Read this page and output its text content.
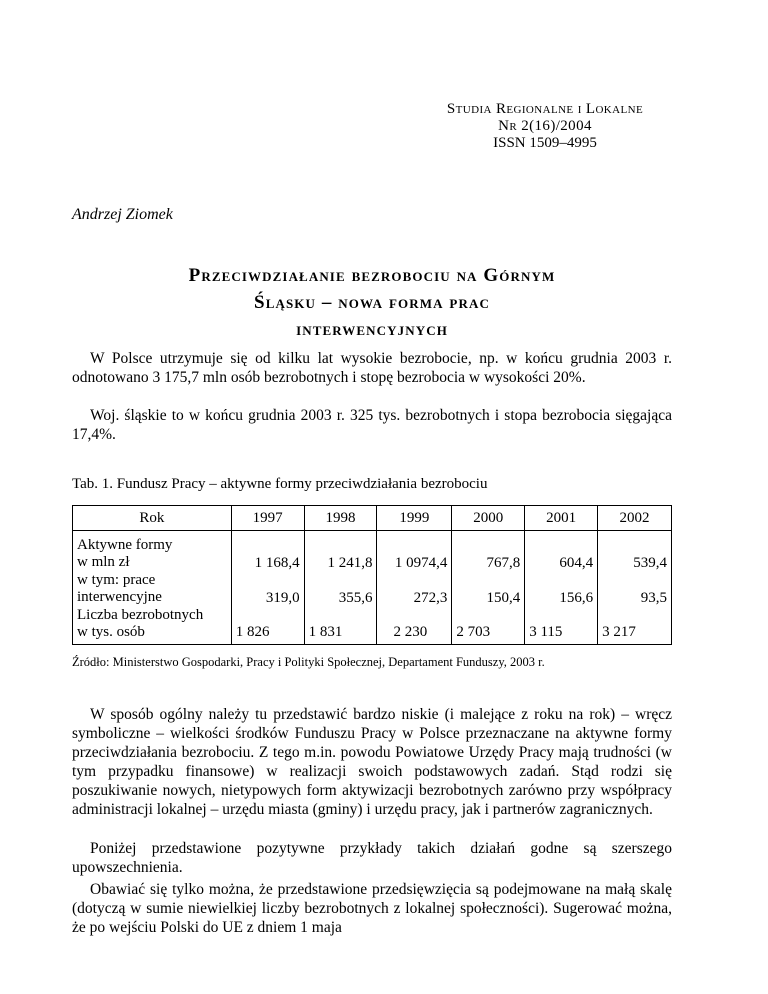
Studia Regionalne i Lokalne
Nr 2(16)/2004
ISSN 1509–4995
Andrzej Ziomek
Przeciwdziałanie bezrobociu na Górnym
Śląsku – nowa forma prac
interwencyjnych

W Polsce utrzymuje się od kilku lat wysokie bezrobocie, np. w końcu grudnia 2003 r. odnotowano 3 175,7 mln osób bezrobotnych i stopę bezrobocia w wysokości 20%.

Woj. śląskie to w końcu grudnia 2003 r. 325 tys. bezrobotnych i stopa bezrobocia sięgająca 17,4%.

Tab. 1. Fundusz Pracy – aktywne formy przeciwdziałania bezrobociu
Rok	1997	1998	1999	2000	2001	2002

Aktywne formy
w mln zł	1 168,4	1 241,8	1 0974,4	767,8	604,4	539,4

w tym: prace
interwencyjne	319,0	355,6	272,3	150,4	156,6	93,5

Liczba bezrobotnych
w tys. osób	1 826	1 831	2 230	2 703	3 115	3 217
Źródło: Ministerstwo Gospodarki, Pracy i Polityki Społecznej, Departament Funduszy, 2003 r.

W sposób ogólny należy tu przedstawić bardzo niskie (i malejące z roku na rok) – wręcz symboliczne – wielkości środków Funduszu Pracy w Polsce przeznaczane na aktywne formy przeciwdziałania bezrobociu. Z tego m.in. powodu Powiatowe Urzędy Pracy mają trudności (w tym przypadku finansowe) w realizacji swoich podstawowych zadań. Stąd rodzi się poszukiwanie nowych, nietypowych form aktywizacji bezrobotnych zarówno przy współpracy administracji lokalnej – urzędu miasta (gminy) i urzędu pracy, jak i partnerów zagranicznych.

Poniżej przedstawione pozytywne przykłady takich działań godne są szerszego upowszechnienia.

Obawiać się tylko można, że przedstawione przedsięwzięcia są podejmowane na małą skalę (dotyczą w sumie niewielkiej liczby bezrobotnych z lokalnej społeczności). Sugerować można, że po wejściu Polski do UE z dniem 1 maja
